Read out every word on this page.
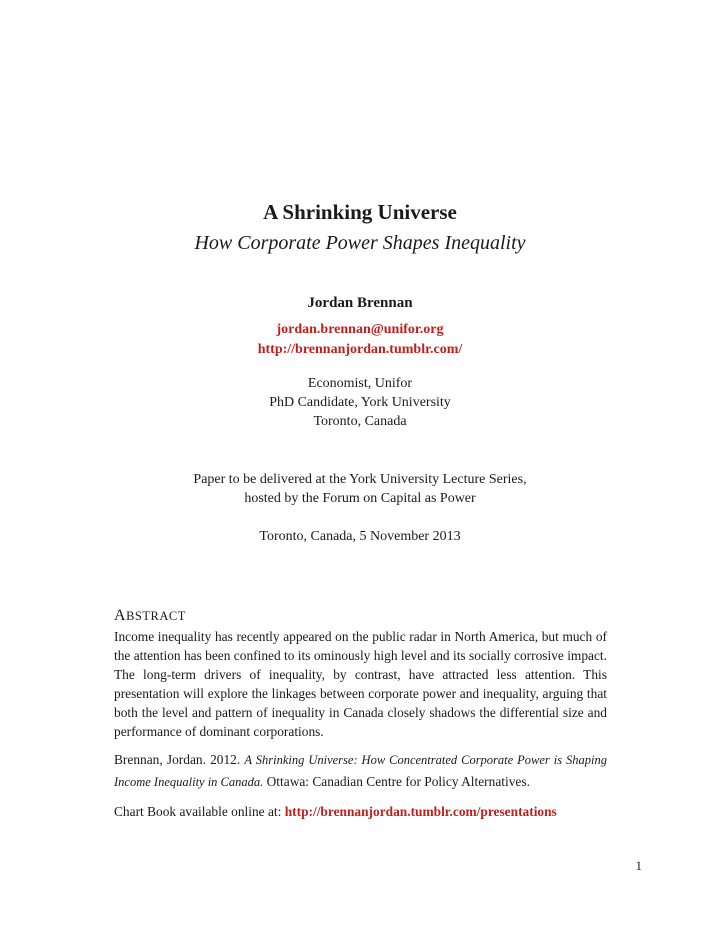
A Shrinking Universe
How Corporate Power Shapes Inequality
Jordan Brennan
jordan.brennan@unifor.org
http://brennanjordan.tumblr.com/
Economist, Unifor
PhD Candidate, York University
Toronto, Canada
Paper to be delivered at the York University Lecture Series,
hosted by the Forum on Capital as Power
Toronto, Canada, 5 November 2013
ABSTRACT

Income inequality has recently appeared on the public radar in North America, but much of the attention has been confined to its ominously high level and its socially corrosive impact. The long-term drivers of inequality, by contrast, have attracted less attention. This presentation will explore the linkages between corporate power and inequality, arguing that both the level and pattern of inequality in Canada closely shadows the differential size and performance of dominant corporations.

Brennan, Jordan. 2012. A Shrinking Universe: How Concentrated Corporate Power is Shaping Income Inequality in Canada. Ottawa: Canadian Centre for Policy Alternatives.
Chart Book available online at: http://brennanjordan.tumblr.com/presentations
1
